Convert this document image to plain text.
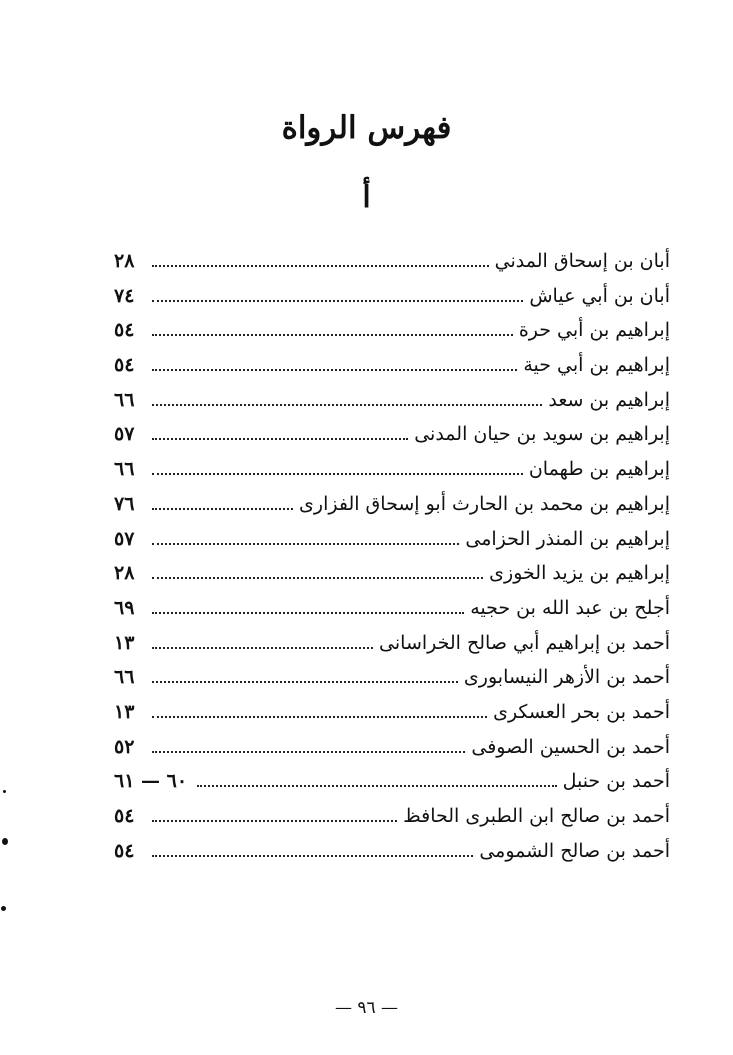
فهرس الرواة
أ
أبان بن إسحاق المدني
٢٨
أبان بن أبي عياش
٧٤
إبراهيم بن أبي حرة
٥٤
إبراهيم بن أبي حية
٥٤
إبراهيم بن سعد
٦٦
إبراهيم بن سويد بن حيان المدنى
٥٧
إبراهيم بن طهمان
٦٦
إبراهيم بن محمد بن الحارث أبو إسحاق الفزارى
٧٦
إبراهيم بن المنذر الحزامى
٥٧
إبراهيم بن يزيد الخوزى
٢٨
أجلح بن عبد الله بن حجيه
٦٩
أحمد بن إبراهيم أبي صالح الخراسانى
١٣
أحمد بن الأزهر النيسابورى
٦٦
أحمد بن بحر العسكرى
١٣
أحمد بن الحسين الصوفى
٥٢
أحمد بن حنبل
٦٠ — ٦١
أحمد بن صالح ابن الطبرى الحافظ
٥٤
أحمد بن صالح الشمومى
٥٤
— ٩٦ —
